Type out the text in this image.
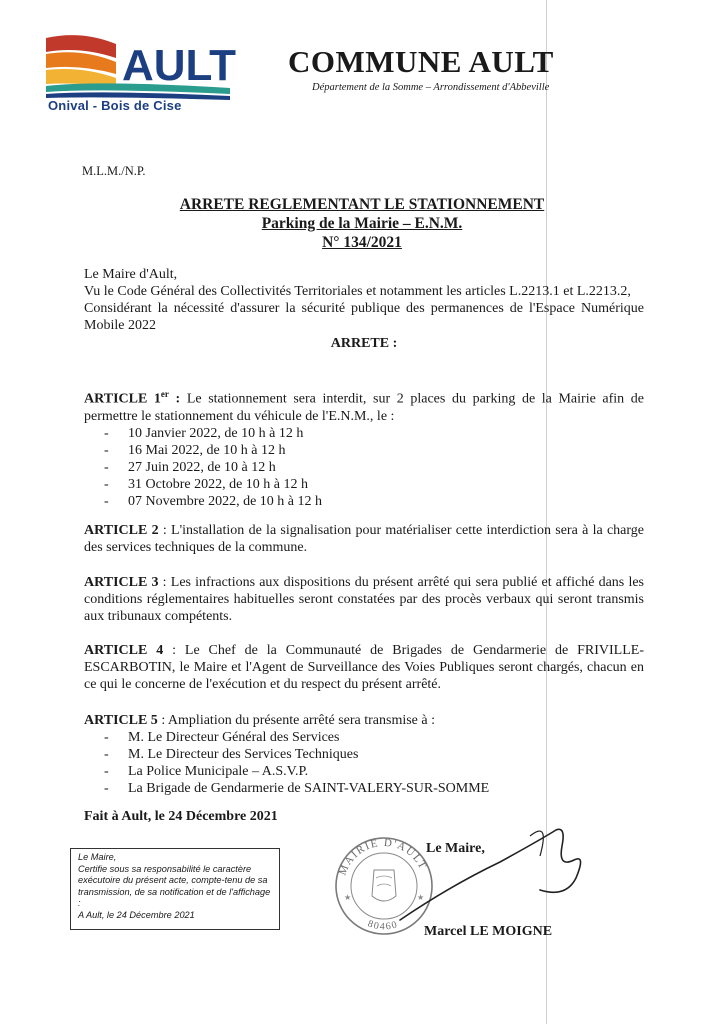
AULT
Onival - Bois de Cise
COMMUNE AULT
Département de la Somme – Arrondissement d'Abbeville
M.L.M./N.P.
ARRETE REGLEMENTANT LE STATIONNEMENT
Parking de la Mairie – E.N.M.
N° 134/2021
Le Maire d'Ault,
Vu le Code Général des Collectivités Territoriales et notamment les articles L.2213.1 et L.2213.2,
Considérant la nécessité d'assurer la sécurité publique des permanences de l'Espace Numérique Mobile 2022
ARRETE :
ARTICLE 1er : Le stationnement sera interdit, sur 2 places du parking de la Mairie afin de permettre le stationnement du véhicule de l'E.N.M., le :
- 10 Janvier 2022, de 10 h à 12 h
- 16 Mai 2022, de 10 h à 12 h
- 27 Juin 2022, de 10 à 12 h
- 31 Octobre 2022, de 10 h à 12 h
- 07 Novembre 2022, de 10 h à 12 h
ARTICLE 2 : L'installation de la signalisation pour matérialiser cette interdiction sera à la charge des services techniques de la commune.
ARTICLE 3 : Les infractions aux dispositions du présent arrêté qui sera publié et affiché dans les conditions réglementaires habituelles seront constatées par des procès verbaux qui seront transmis aux tribunaux compétents.
ARTICLE 4 : Le Chef de la Communauté de Brigades de Gendarmerie de FRIVILLE-ESCARBOTIN, le Maire et l'Agent de Surveillance des Voies Publiques seront chargés, chacun en ce qui le concerne de l'exécution et du respect du présent arrêté.
ARTICLE 5 : Ampliation du présente arrêté sera transmise à :
- M. Le Directeur Général des Services
- M. Le Directeur des Services Techniques
- La Police Municipale – A.S.V.P.
- La Brigade de Gendarmerie de SAINT-VALERY-SUR-SOMME
Fait à Ault, le 24 Décembre 2021
Le Maire,
Certifie sous sa responsabilité le caractère exécutoire du présent acte, compte-tenu de sa transmission, de sa notification et de l'affichage :
A Ault, le 24 Décembre 2021
MAIRIE D'AULT
80460
★	★
Le Maire,
Marcel LE MOIGNE
